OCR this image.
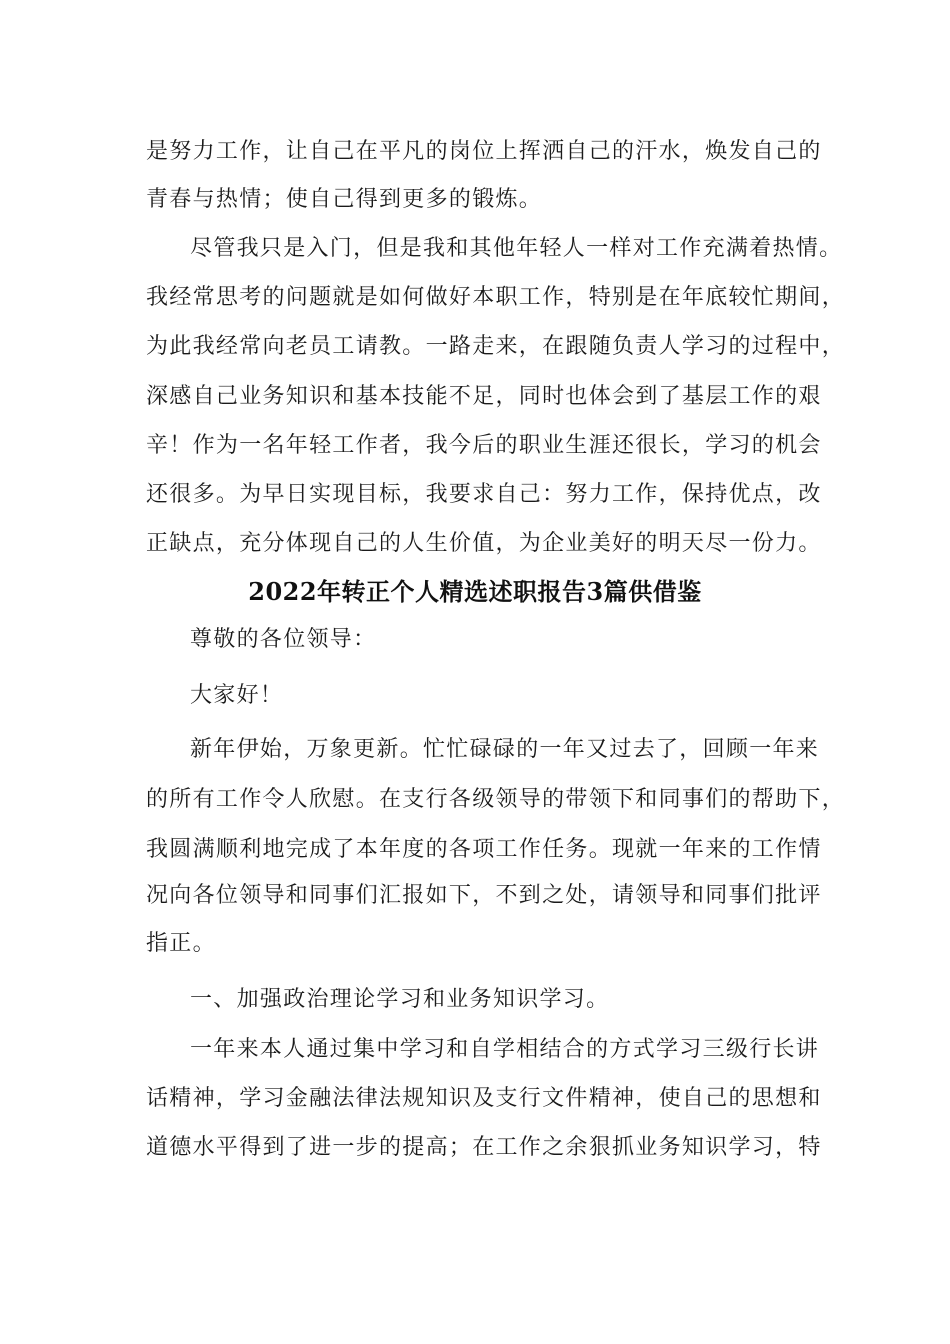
是努力工作，让自己在平凡的岗位上挥洒自己的汗水，焕发自己的
青春与热情；使自己得到更多的锻炼。
尽管我只是入门，但是我和其他年轻人一样对工作充满着热情。
我经常思考的问题就是如何做好本职工作，特别是在年底较忙期间，
为此我经常向老员工请教。一路走来，在跟随负责人学习的过程中，
深感自己业务知识和基本技能不足，同时也体会到了基层工作的艰
辛！作为一名年轻工作者，我今后的职业生涯还很长，学习的机会
还很多。为早日实现目标，我要求自己：努力工作，保持优点，改
正缺点，充分体现自己的人生价值，为企业美好的明天尽一份力。
2022年转正个人精选述职报告3篇供借鉴
尊敬的各位领导：
大家好！
新年伊始，万象更新。忙忙碌碌的一年又过去了，回顾一年来
的所有工作令人欣慰。在支行各级领导的带领下和同事们的帮助下，
我圆满顺利地完成了本年度的各项工作任务。现就一年来的工作情
况向各位领导和同事们汇报如下，不到之处，请领导和同事们批评
指正。
一、加强政治理论学习和业务知识学习。
一年来本人通过集中学习和自学相结合的方式学习三级行长讲
话精神，学习金融法律法规知识及支行文件精神，使自己的思想和
道德水平得到了进一步的提高；在工作之余狠抓业务知识学习，特
